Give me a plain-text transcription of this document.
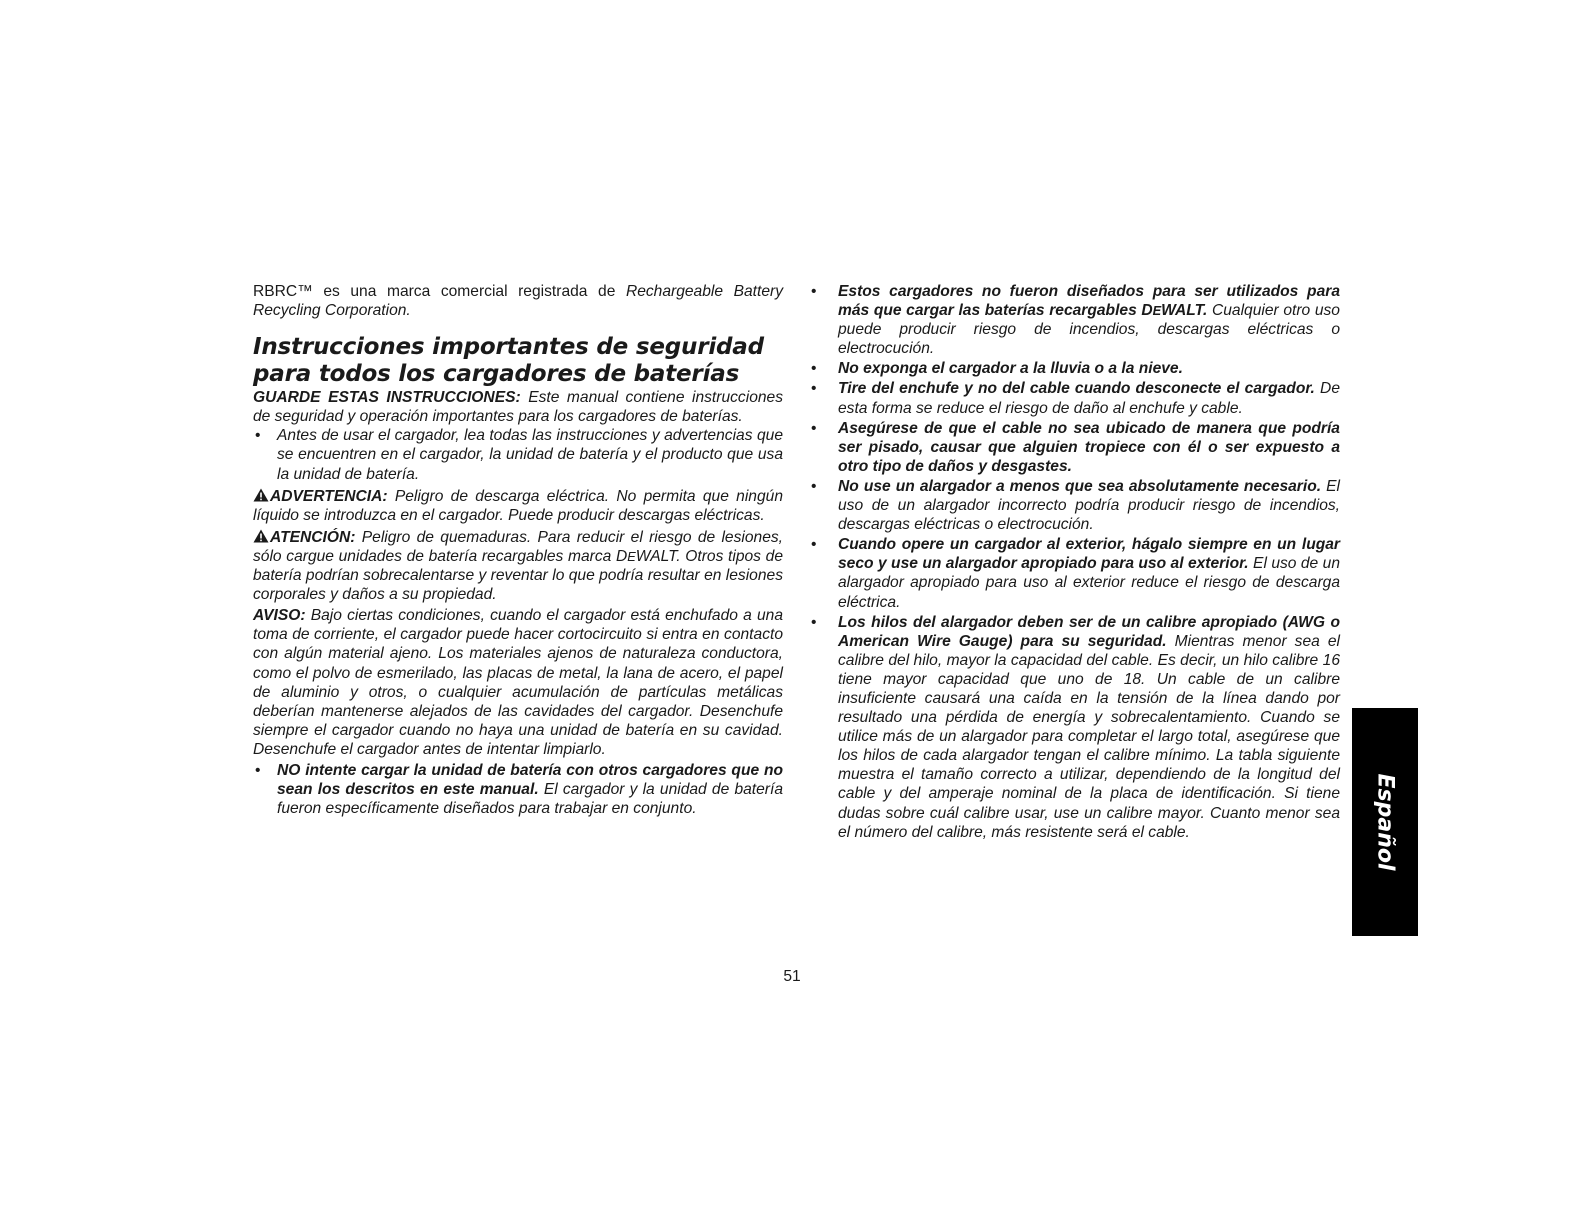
RBRC™ es una marca comercial registrada de Rechargeable Battery Recycling Corporation.

Instrucciones importantes de seguridad para todos los cargadores de baterías

GUARDE ESTAS INSTRUCCIONES: Este manual contiene instrucciones de seguridad y operación importantes para los cargadores de baterías.

• Antes de usar el cargador, lea todas las instrucciones y advertencias que se encuentren en el cargador, la unidad de batería y el producto que usa la unidad de batería.

ADVERTENCIA: Peligro de descarga eléctrica. No permita que ningún líquido se introduzca en el cargador. Puede producir descargas eléctricas.

ATENCIÓN: Peligro de quemaduras. Para reducir el riesgo de lesiones, sólo cargue unidades de batería recargables marca DEWALT. Otros tipos de batería podrían sobrecalentarse y reventar lo que podría resultar en lesiones corporales y daños a su propiedad.

AVISO: Bajo ciertas condiciones, cuando el cargador está enchufado a una toma de corriente, el cargador puede hacer cortocircuito si entra en contacto con algún material ajeno. Los materiales ajenos de naturaleza conductora, como el polvo de esmerilado, las placas de metal, la lana de acero, el papel de aluminio y otros, o cualquier acumulación de partículas metálicas deberían mantenerse alejados de las cavidades del cargador. Desenchufe siempre el cargador cuando no haya una unidad de batería en su cavidad. Desenchufe el cargador antes de intentar limpiarlo.

• NO intente cargar la unidad de batería con otros cargadores que no sean los descritos en este manual. El cargador y la unidad de batería fueron específicamente diseñados para trabajar en conjunto.

• Estos cargadores no fueron diseñados para ser utilizados para más que cargar las baterías recargables DEWALT. Cualquier otro uso puede producir riesgo de incendios, descargas eléctricas o electrocución.

• No exponga el cargador a la lluvia o a la nieve.

• Tire del enchufe y no del cable cuando desconecte el cargador. De esta forma se reduce el riesgo de daño al enchufe y cable.

• Asegúrese de que el cable no sea ubicado de manera que podría ser pisado, causar que alguien tropiece con él o ser expuesto a otro tipo de daños y desgastes.

• No use un alargador a menos que sea absolutamente necesario. El uso de un alargador incorrecto podría producir riesgo de incendios, descargas eléctricas o electrocución.

• Cuando opere un cargador al exterior, hágalo siempre en un lugar seco y use un alargador apropiado para uso al exterior. El uso de un alargador apropiado para uso al exterior reduce el riesgo de descarga eléctrica.

• Los hilos del alargador deben ser de un calibre apropiado (AWG o American Wire Gauge) para su seguridad. Mientras menor sea el calibre del hilo, mayor la capacidad del cable. Es decir, un hilo calibre 16 tiene mayor capacidad que uno de 18. Un cable de un calibre insuficiente causará una caída en la tensión de la línea dando por resultado una pérdida de energía y sobrecalentamiento. Cuando se utilice más de un alargador para completar el largo total, asegúrese que los hilos de cada alargador tengan el calibre mínimo. La tabla siguiente muestra el tamaño correcto a utilizar, dependiendo de la longitud del cable y del amperaje nominal de la placa de identificación. Si tiene dudas sobre cuál calibre usar, use un calibre mayor. Cuanto menor sea el número del calibre, más resistente será el cable.

51
Español
